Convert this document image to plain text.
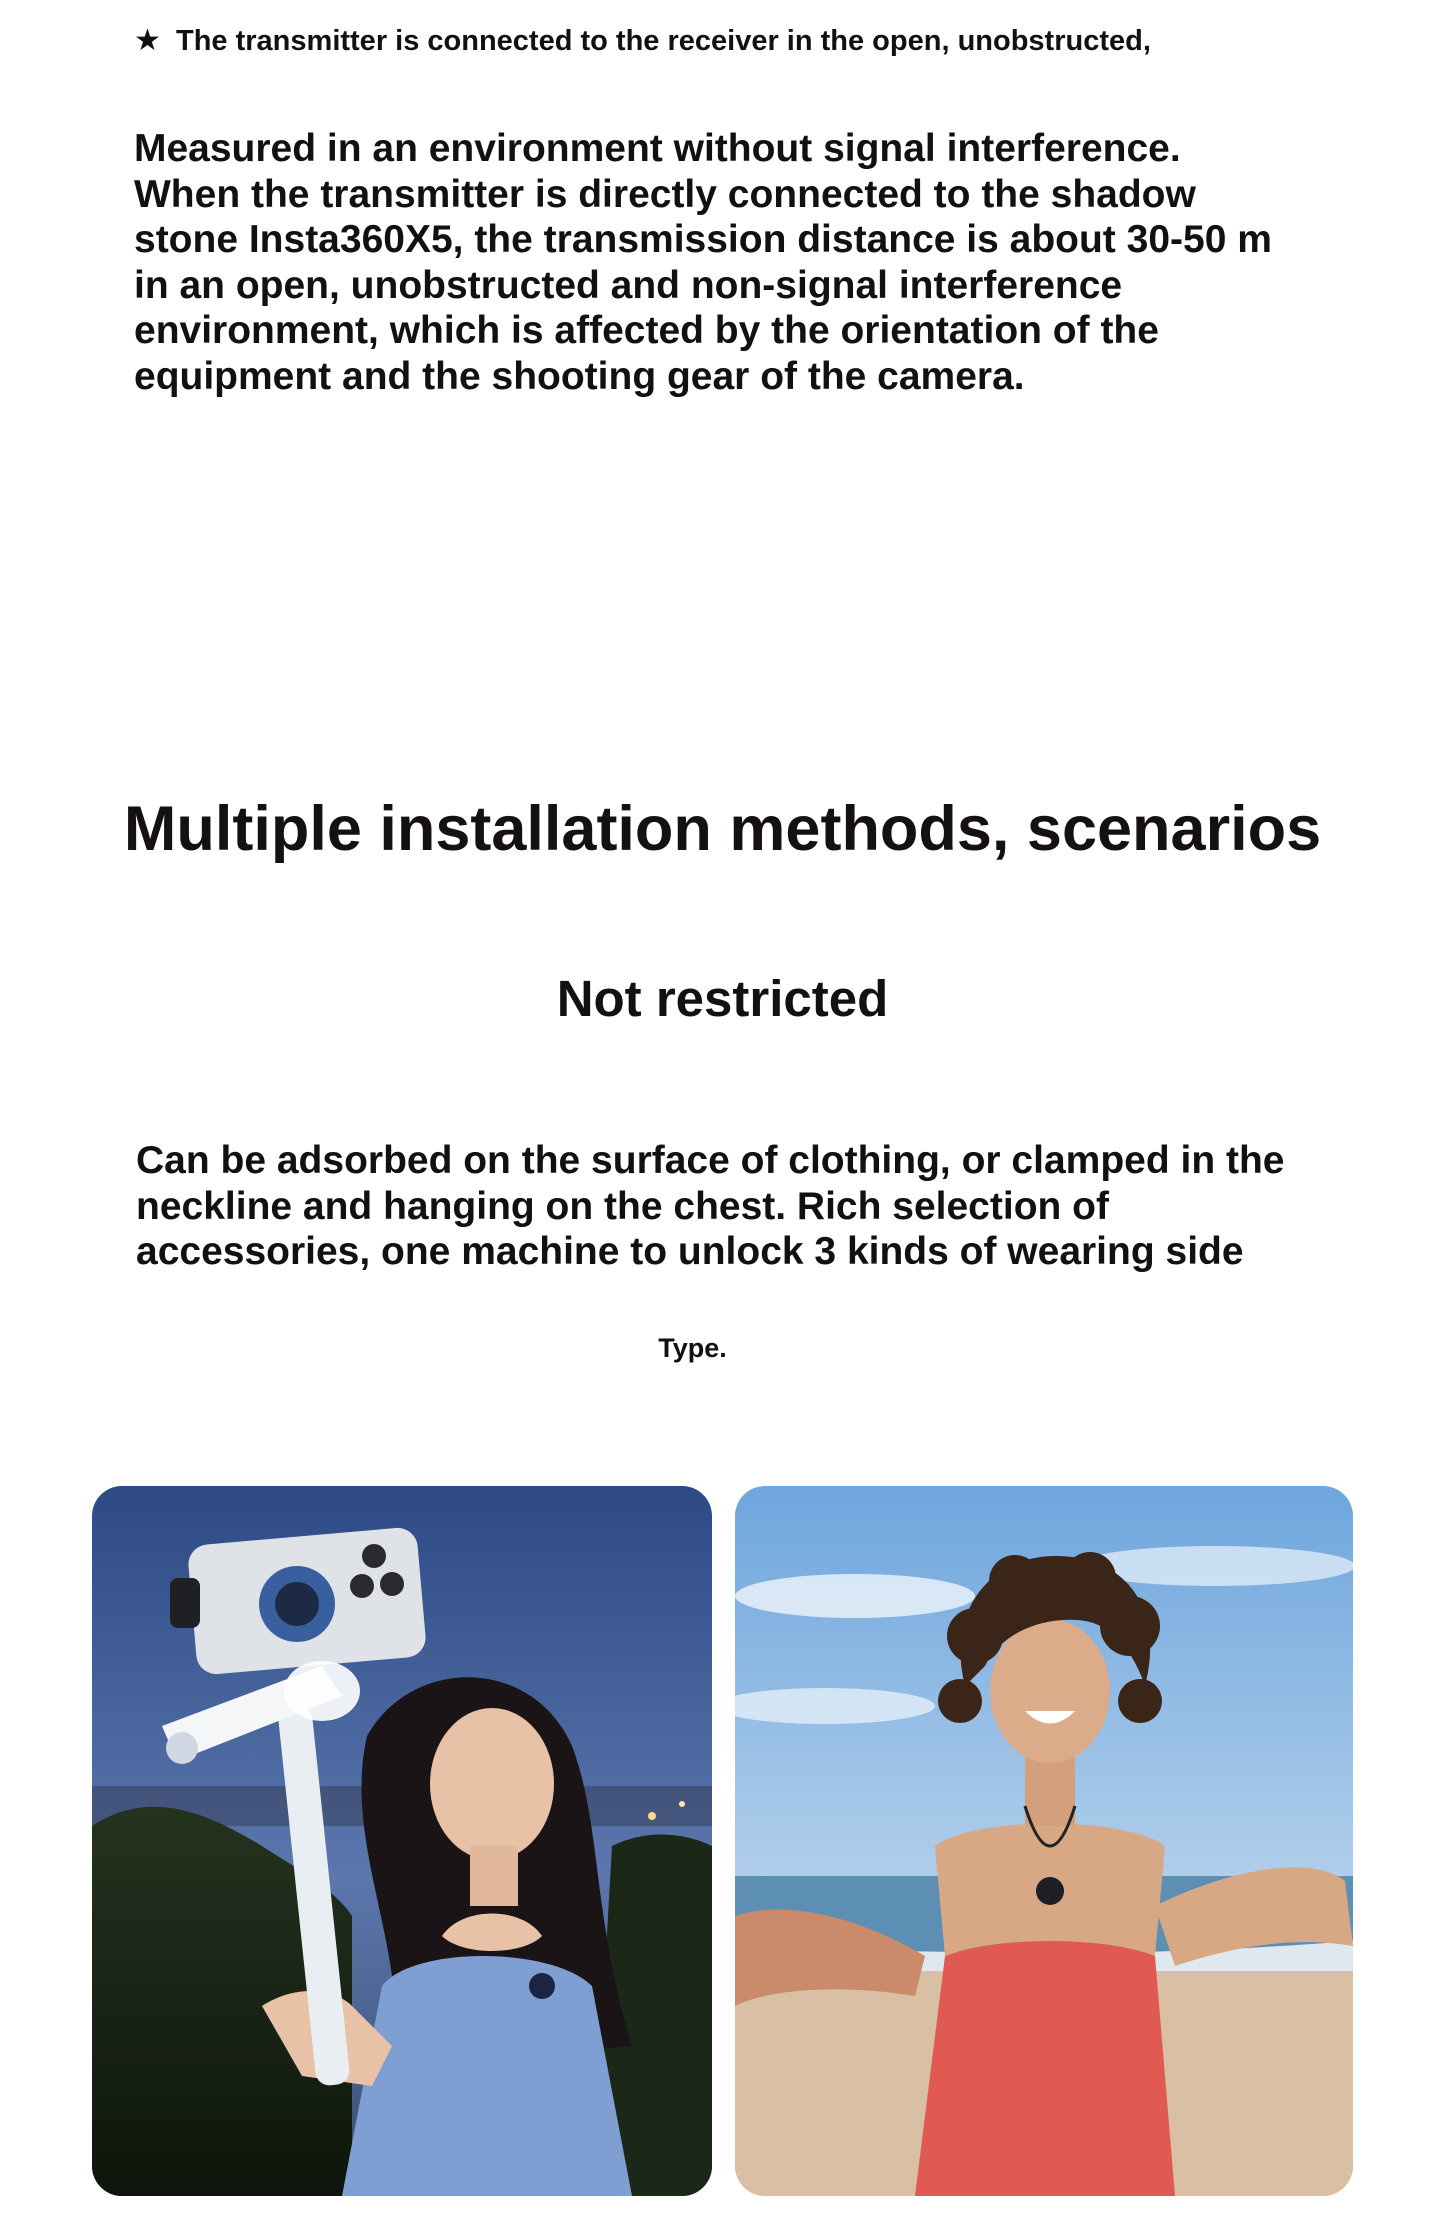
★ The transmitter is connected to the receiver in the open, unobstructed,
Measured in an environment without signal interference. When the transmitter is directly connected to the shadow stone Insta360X5, the transmission distance is about 30-50 m in an open, unobstructed and non-signal interference environment, which is affected by the orientation of the equipment and the shooting gear of the camera.
Multiple installation methods, scenarios
Not restricted
Can be adsorbed on the surface of clothing, or clamped in the neckline and hanging on the chest. Rich selection of accessories, one machine to unlock 3 kinds of wearing side
Type.
